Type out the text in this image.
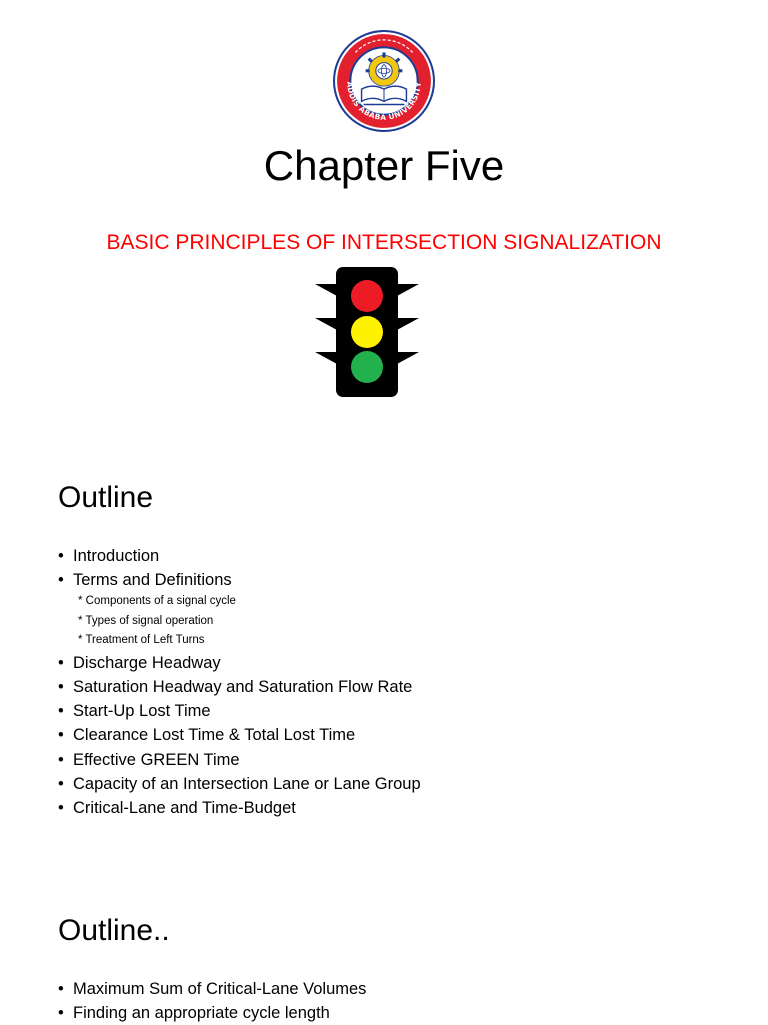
ADDIS ABABA UNIVERSITY
Chapter Five
BASIC PRINCIPLES OF INTERSECTION SIGNALIZATION
Outline
• Introduction
• Terms and Definitions
* Components of a signal cycle
* Types of signal operation
* Treatment of Left Turns
• Discharge Headway
• Saturation Headway and Saturation Flow Rate
• Start-Up Lost Time
• Clearance Lost Time & Total Lost Time
• Effective GREEN Time
• Capacity of an Intersection Lane or Lane Group
• Critical-Lane and Time-Budget
Outline..
• Maximum Sum of Critical-Lane Volumes
• Finding an appropriate cycle length
